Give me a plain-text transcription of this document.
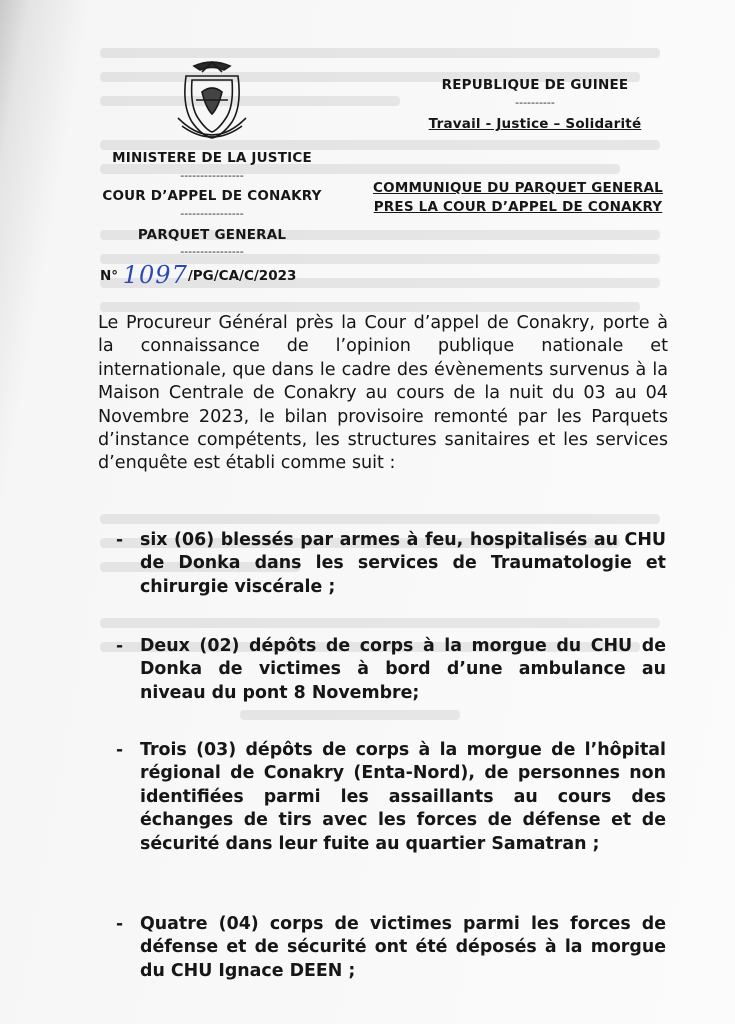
MINISTERE DE LA JUSTICE
----------------
COUR D’APPEL DE CONAKRY
----------------
PARQUET GENERAL
----------------
N° 1097/PG/CA/C/2023
REPUBLIQUE DE GUINEE
----------
Travail - Justice – Solidarité
COMMUNIQUE DU PARQUET GENERAL
PRES LA COUR D’APPEL DE CONAKRY
Le Procureur Général près la Cour d’appel de Conakry, porte à la connaissance de l’opinion publique nationale et internationale, que dans le cadre des évènements survenus à la Maison Centrale de Conakry au cours de la nuit du 03 au 04 Novembre 2023, le bilan provisoire remonté par les Parquets d’instance compétents, les structures sanitaires et les services d’enquête est établi comme suit :
- six (06) blessés par armes à feu, hospitalisés au CHU de Donka dans les services de Traumatologie et chirurgie viscérale ;
- Deux (02) dépôts de corps à la morgue du CHU de Donka de victimes à bord d’une ambulance au niveau du pont 8 Novembre;
- Trois (03) dépôts de corps à la morgue de l’hôpital régional de Conakry (Enta-Nord), de personnes non identifiées parmi les assaillants au cours des échanges de tirs avec les forces de défense et de sécurité dans leur fuite au quartier Samatran ;
- Quatre (04) corps de victimes parmi les forces de défense et de sécurité ont été déposés à la morgue du CHU Ignace DEEN ;
